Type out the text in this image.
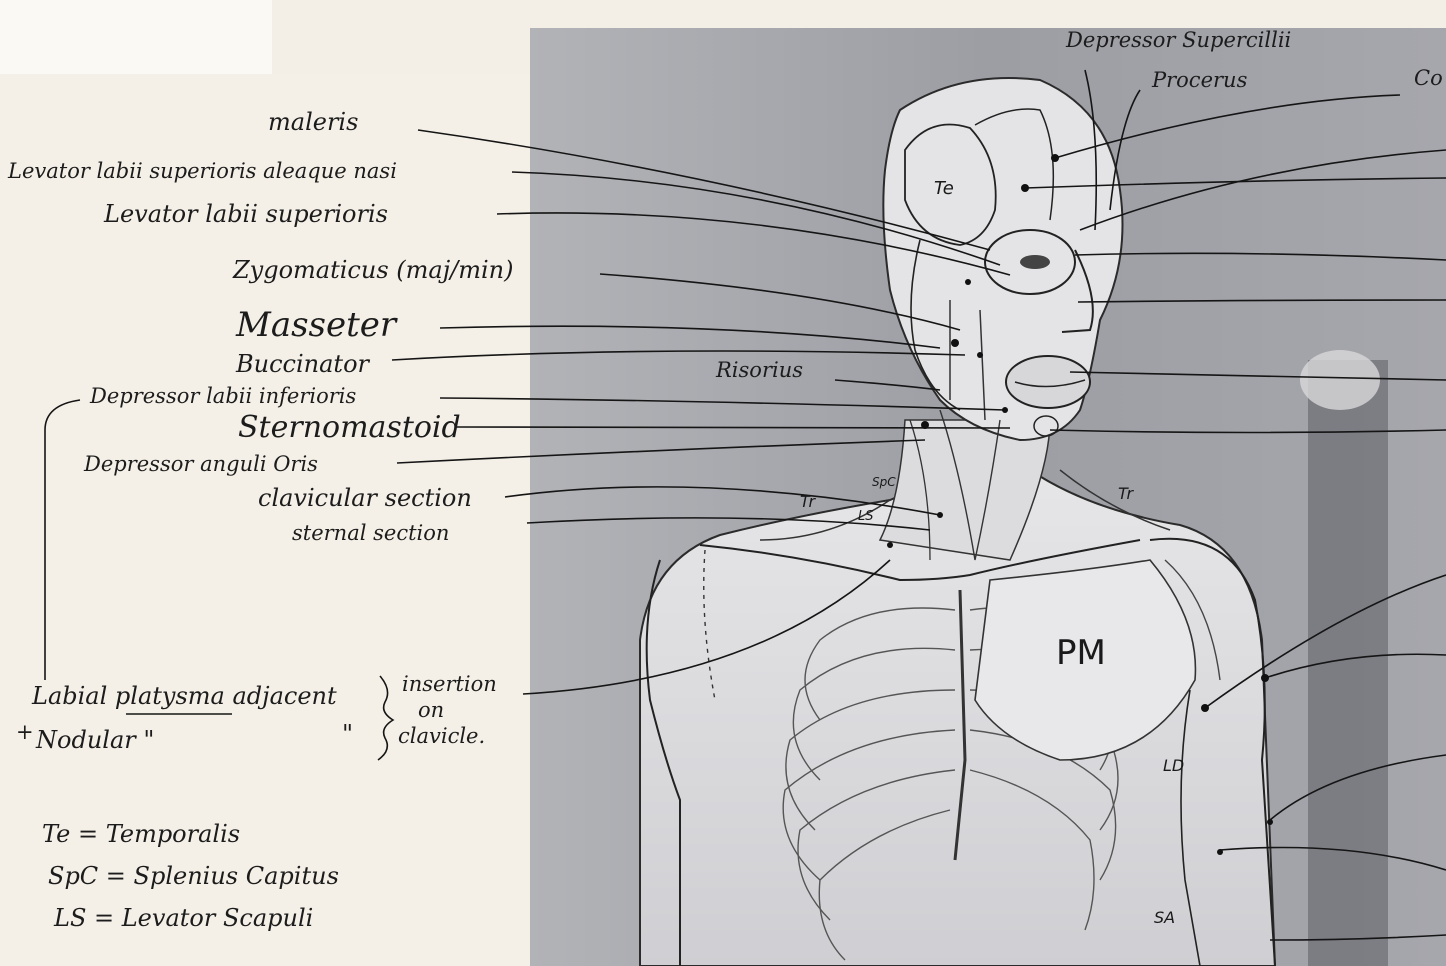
maleris
Levator labii superioris aleaque nasi
Levator labii superioris
Zygomaticus (maj/min)
Masseter
Buccinator
Depressor labii inferioris
Sternomastoid
Depressor anguli Oris
clavicular section
sternal section
Depressor Supercillii
Procerus	Co
Risorius
+
Labial platysma adjacent
Nodular "	"
insertion
on
clavicle.
Te = Temporalis
SpC = Splenius Capitus
LS = Levator Scapuli
Te
Tr	Tr
LS
SpC
PM
LD
SA
